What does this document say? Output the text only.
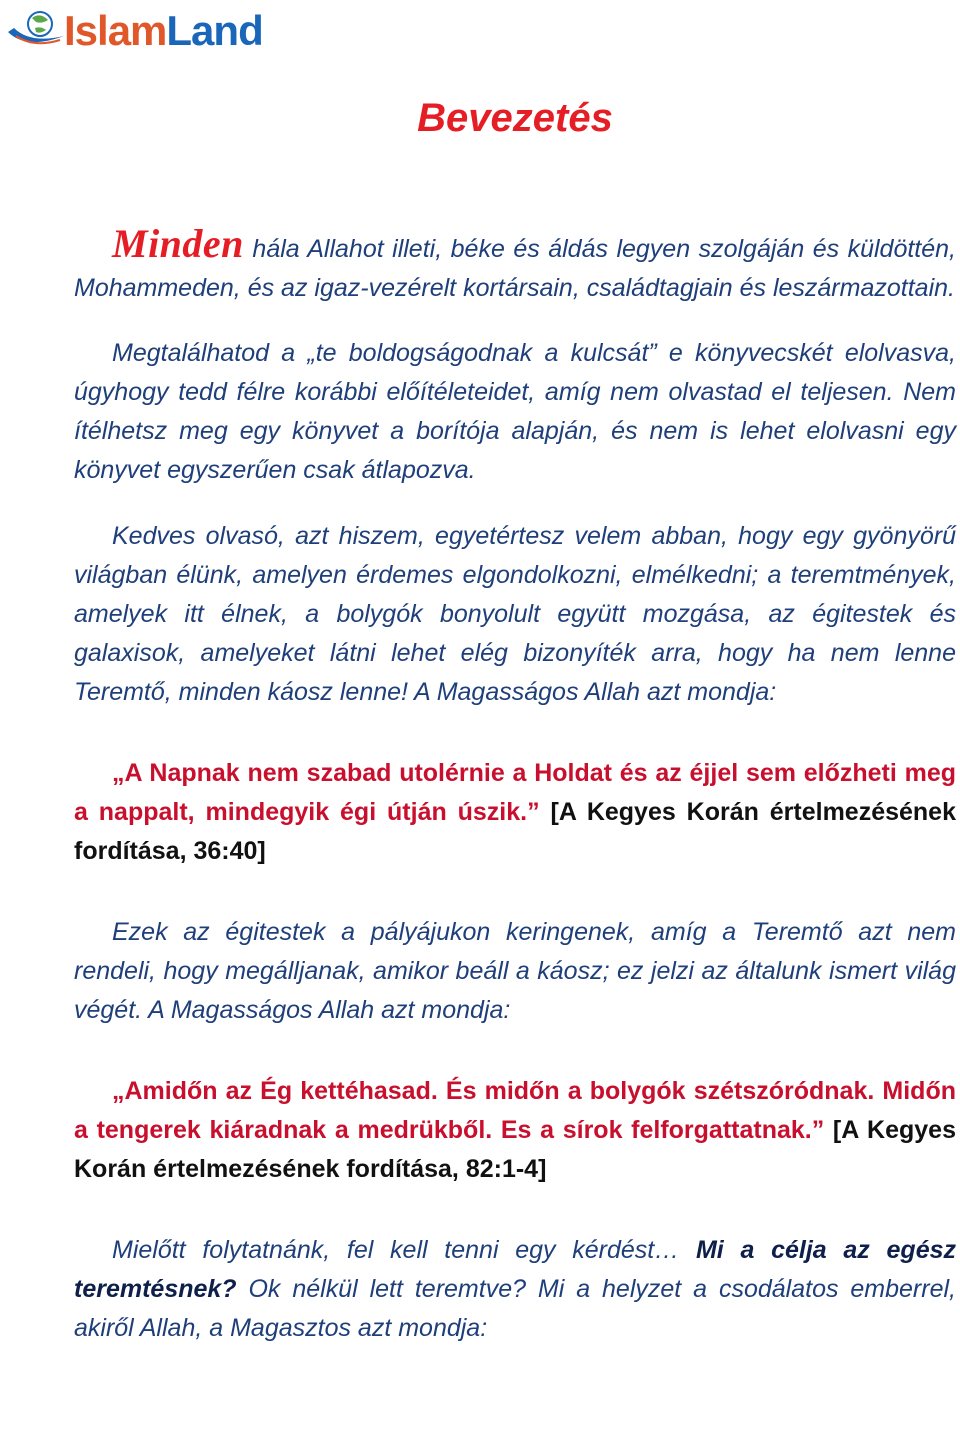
IslamLand
Bevezetés

Minden hála Allahot illeti, béke és áldás legyen szolgáján és küldöttén, Mohammeden, és az igaz-vezérelt kortársain, családtagjain és leszármazottain.

Megtalálhatod a „te boldogságodnak a kulcsát” e könyvecskét elolvasva, úgyhogy tedd félre korábbi előítéleteidet, amíg nem olvastad el teljesen. Nem ítélhetsz meg egy könyvet a borítója alapján, és nem is lehet elolvasni egy könyvet egyszerűen csak átlapozva.

Kedves olvasó, azt hiszem, egyetértesz velem abban, hogy egy gyönyörű világban élünk, amelyen érdemes elgondolkozni, elmélkedni; a teremtmények, amelyek itt élnek, a bolygók bonyolult együtt mozgása, az égitestek és galaxisok, amelyeket látni lehet elég bizonyíték arra, hogy ha nem lenne Teremtő, minden káosz lenne! A Magasságos Allah azt mondja:

„A Napnak nem szabad utolérnie a Holdat és az éjjel sem előzheti meg a nappalt, mindegyik égi útján úszik.” [A Kegyes Korán értelmezésének fordítása, 36:40]

Ezek az égitestek a pályájukon keringenek, amíg a Teremtő azt nem rendeli, hogy megálljanak, amikor beáll a káosz; ez jelzi az általunk ismert világ végét. A Magasságos Allah azt mondja:

„Amidőn az Ég kettéhasad. És midőn a bolygók szétszóródnak. Midőn a tengerek kiáradnak a medrükből. Es a sírok felforgattatnak.” [A Kegyes Korán értelmezésének fordítása, 82:1-4]

Mielőtt folytatnánk, fel kell tenni egy kérdést… Mi a célja az egész teremtésnek? Ok nélkül lett teremtve? Mi a helyzet a csodálatos emberrel, akiről Allah, a Magasztos azt mondja:
